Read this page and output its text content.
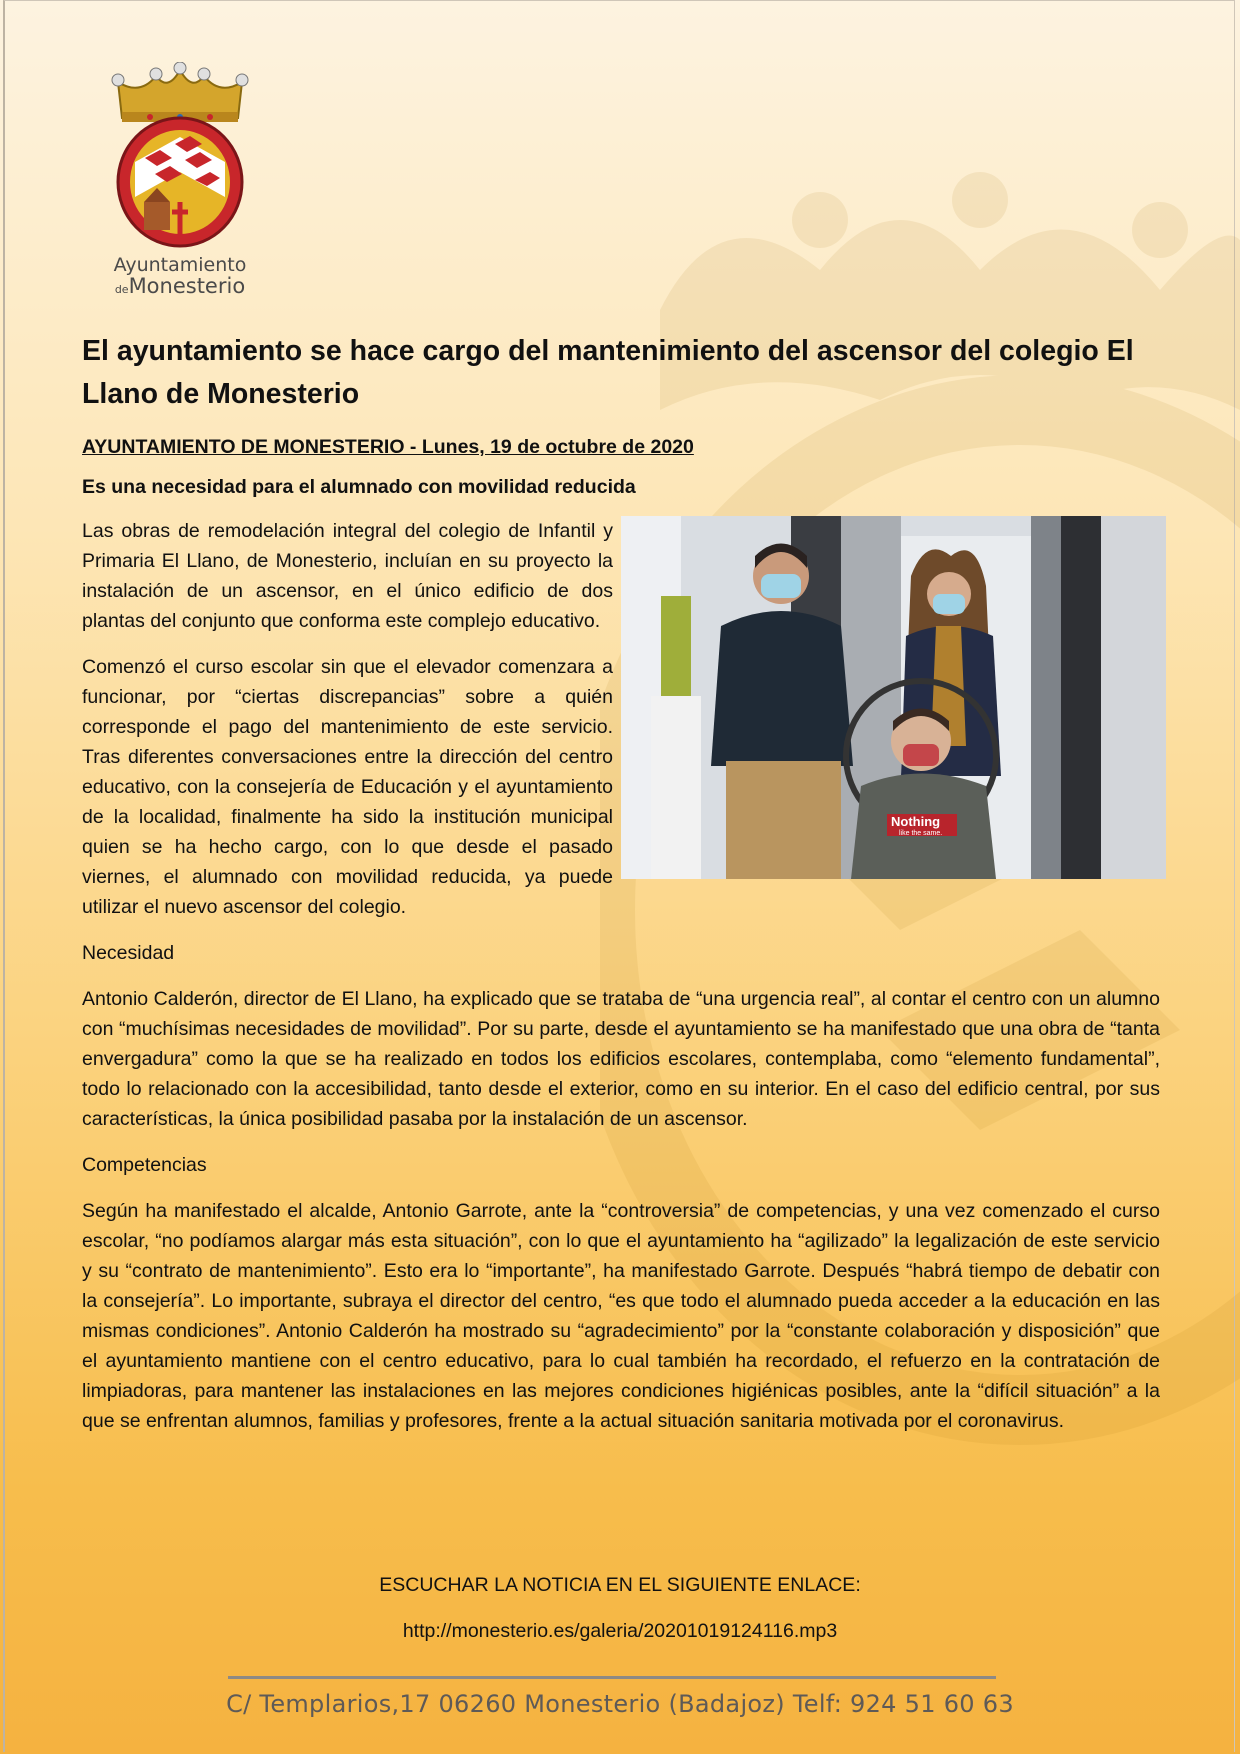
Ayuntamiento
deMonesterio
El ayuntamiento se hace cargo del mantenimiento del ascensor del colegio El Llano de Monesterio
AYUNTAMIENTO DE MONESTERIO - Lunes, 19 de octubre de 2020
Es una necesidad para el alumnado con movilidad reducida
Nothing
like the same.

Las obras de remodelación integral del colegio de Infantil y Primaria El Llano, de Monesterio, incluían en su proyecto la instalación de un ascensor, en el único edificio de dos plantas del conjunto que conforma este complejo educativo.

Comenzó el curso escolar sin que el elevador comenzara a funcionar, por “ciertas discrepancias” sobre a quién corresponde el pago del mantenimiento de este servicio. Tras diferentes conversaciones entre la dirección del centro educativo, con la consejería de Educación y el ayuntamiento de la localidad, finalmente ha sido la institución municipal quien se ha hecho cargo, con lo que desde el pasado viernes, el alumnado con movilidad reducida, ya puede utilizar el nuevo ascensor del colegio.

Necesidad

Antonio Calderón, director de El Llano, ha explicado que se trataba de “una urgencia real”, al contar el centro con un alumno con “muchísimas necesidades de movilidad”. Por su parte, desde el ayuntamiento se ha manifestado que una obra de “tanta envergadura” como la que se ha realizado en todos los edificios escolares, contemplaba, como “elemento fundamental”, todo lo relacionado con la accesibilidad, tanto desde el exterior, como en su interior. En el caso del edificio central, por sus características, la única posibilidad pasaba por la instalación de un ascensor.

Competencias

Según ha manifestado el alcalde, Antonio Garrote, ante la “controversia” de competencias, y una vez comenzado el curso escolar, “no podíamos alargar más esta situación”, con lo que el ayuntamiento ha “agilizado” la legalización de este servicio y su “contrato de mantenimiento”. Esto era lo “importante”, ha manifestado Garrote. Después “habrá tiempo de debatir con la consejería”. Lo importante, subraya el director del centro, “es que todo el alumnado pueda acceder a la educación en las mismas condiciones”. Antonio Calderón ha mostrado su “agradecimiento” por la “constante colaboración y disposición” que el ayuntamiento mantiene con el centro educativo, para lo cual también ha recordado, el refuerzo en la contratación de limpiadoras, para mantener las instalaciones en las mejores condiciones higiénicas posibles, ante la “difícil situación” a la que se enfrentan alumnos, familias y profesores, frente a la actual situación sanitaria motivada por el coronavirus.

ESCUCHAR LA NOTICIA EN EL SIGUIENTE ENLACE:
http://monesterio.es/galeria/20201019124116.mp3
C/ Templarios,17 06260 Monesterio (Badajoz) Telf: 924 51 60 63
